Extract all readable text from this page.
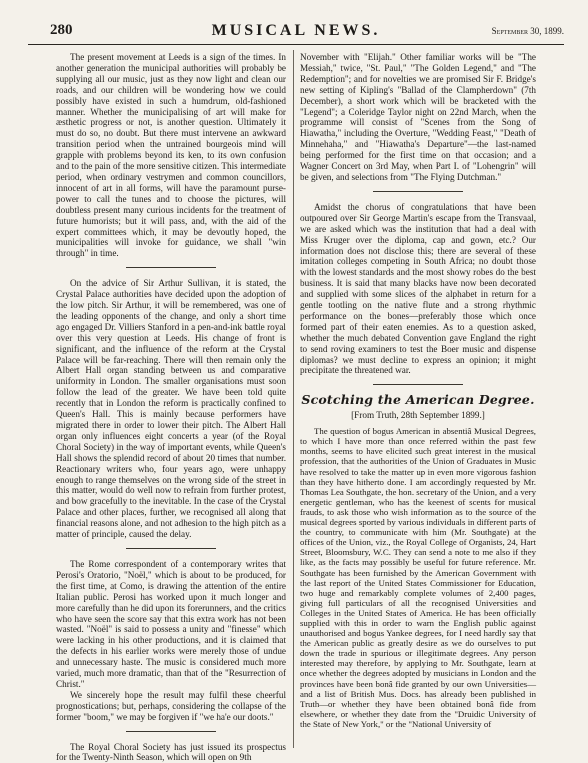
280	MUSICAL NEWS.	September 30, 1899.

The present movement at Leeds is a sign of the times. In another generation the municipal authorities will probably be supplying all our music, just as they now light and clean our roads, and our children will be wondering how we could possibly have existed in such a humdrum, old-fashioned manner. Whether the municipalising of art will make for æsthetic progress or not, is another question. Ultimately it must do so, no doubt. But there must intervene an awkward transition period when the untrained bourgeois mind will grapple with problems beyond its ken, to its own confusion and to the pain of the more sensitive citizen. This intermediate period, when ordinary vestrymen and common councillors, innocent of art in all forms, will have the paramount purse-power to call the tunes and to choose the pictures, will doubtless present many curious incidents for the treatment of future humorists; but it will pass, and, with the aid of the expert committees which, it may be devoutly hoped, the municipalities will invoke for guidance, we shall "win through" in time.

On the advice of Sir Arthur Sullivan, it is stated, the Crystal Palace authorities have decided upon the adoption of the low pitch. Sir Arthur, it will be remembered, was one of the leading opponents of the change, and only a short time ago engaged Dr. Villiers Stanford in a pen-and-ink battle royal over this very question at Leeds. His change of front is significant, and the influence of the reform at the Crystal Palace will be far-reaching. There will then remain only the Albert Hall organ standing between us and comparative uniformity in London. The smaller organisations must soon follow the lead of the greater. We have been told quite recently that in London the reform is practically confined to Queen's Hall. This is mainly because performers have migrated there in order to lower their pitch. The Albert Hall organ only influences eight concerts a year (of the Royal Choral Society) in the way of important events, while Queen's Hall shows the splendid record of about 20 times that number. Reactionary writers who, four years ago, were unhappy enough to range themselves on the wrong side of the street in this matter, would do well now to refrain from further protest, and bow gracefully to the inevitable. In the case of the Crystal Palace and other places, further, we recognised all along that financial reasons alone, and not adhesion to the high pitch as a matter of principle, caused the delay.

The Rome correspondent of a contemporary writes that Perosi's Oratorio, "Noël," which is about to be produced, for the first time, at Como, is drawing the attention of the entire Italian public. Perosi has worked upon it much longer and more carefully than he did upon its forerunners, and the critics who have seen the score say that this extra work has not been wasted. "Noël" is said to possess a unity and "finesse" which were lacking in his other productions, and it is claimed that the defects in his earlier works were merely those of undue and unnecessary haste. The music is considered much more varied, much more dramatic, than that of the "Resurrection of Christ."

We sincerely hope the result may fulfil these cheerful prognostications; but, perhaps, considering the collapse of the former "boom," we may be forgiven if "we ha'e our doots."

The Royal Choral Society has just issued its prospectus for the Twenty-Ninth Season, which will open on 9th

November with "Elijah." Other familiar works will be "The Messiah," twice, "St. Paul," "The Golden Legend," and "The Redemption"; and for novelties we are promised Sir F. Bridge's new setting of Kipling's "Ballad of the Clampherdown" (7th December), a short work which will be bracketed with the "Legend"; a Coleridge Taylor night on 22nd March, when the programme will consist of "Scenes from the Song of Hiawatha," including the Overture, "Wedding Feast," "Death of Minnehaha," and "Hiawatha's Departure"—the last-named being performed for the first time on that occasion; and a Wagner Concert on 3rd May, when Part I. of "Lohengrin" will be given, and selections from "The Flying Dutchman."

Amidst the chorus of congratulations that have been outpoured over Sir George Martin's escape from the Transvaal, we are asked which was the institution that had a deal with Miss Kruger over the diploma, cap and gown, etc.? Our information does not disclose this; there are several of these imitation colleges competing in South Africa; no doubt those with the lowest standards and the most showy robes do the best business. It is said that many blacks have now been decorated and supplied with some slices of the alphabet in return for a gentle tootling on the native flute and a strong rhythmic performance on the bones—preferably those which once formed part of their eaten enemies. As to a question asked, whether the much debated Convention gave England the right to send roving examiners to test the Boer music and dispense diplomas? we must decline to express an opinion; it might precipitate the threatened war.

Scotching the American Degree.
[From Truth, 28th September 1899.]

The question of bogus American in absentiâ Musical Degrees, to which I have more than once referred within the past few months, seems to have elicited such great interest in the musical profession, that the authorities of the Union of Graduates in Music have resolved to take the matter up in even more vigorous fashion than they have hitherto done. I am accordingly requested by Mr. Thomas Lea Southgate, the hon. secretary of the Union, and a very energetic gentleman, who has the keenest of scents for musical frauds, to ask those who wish information as to the source of the musical degrees sported by various individuals in different parts of the country, to communicate with him (Mr. Southgate) at the offices of the Union, viz., the Royal College of Organists, 24, Hart Street, Bloomsbury, W.C. They can send a note to me also if they like, as the facts may possibly be useful for future reference. Mr. Southgate has been furnished by the American Government with the last report of the United States Commissioner for Education, two huge and remarkably complete volumes of 2,400 pages, giving full particulars of all the recognised Universities and Colleges in the United States of America. He has been officially supplied with this in order to warn the English public against unauthorised and bogus Yankee degrees, for I need hardly say that the American public as greatly desire as we do ourselves to put down the trade in spurious or illegitimate degrees. Any person interested may therefore, by applying to Mr. Southgate, learn at once whether the degrees adopted by musicians in London and the provinces have been bonâ fide granted by our own Universities—and a list of British Mus. Docs. has already been published in Truth—or whether they have been obtained bonâ fide from elsewhere, or whether they date from the "Druidic University of the State of New York," or the "National University of
